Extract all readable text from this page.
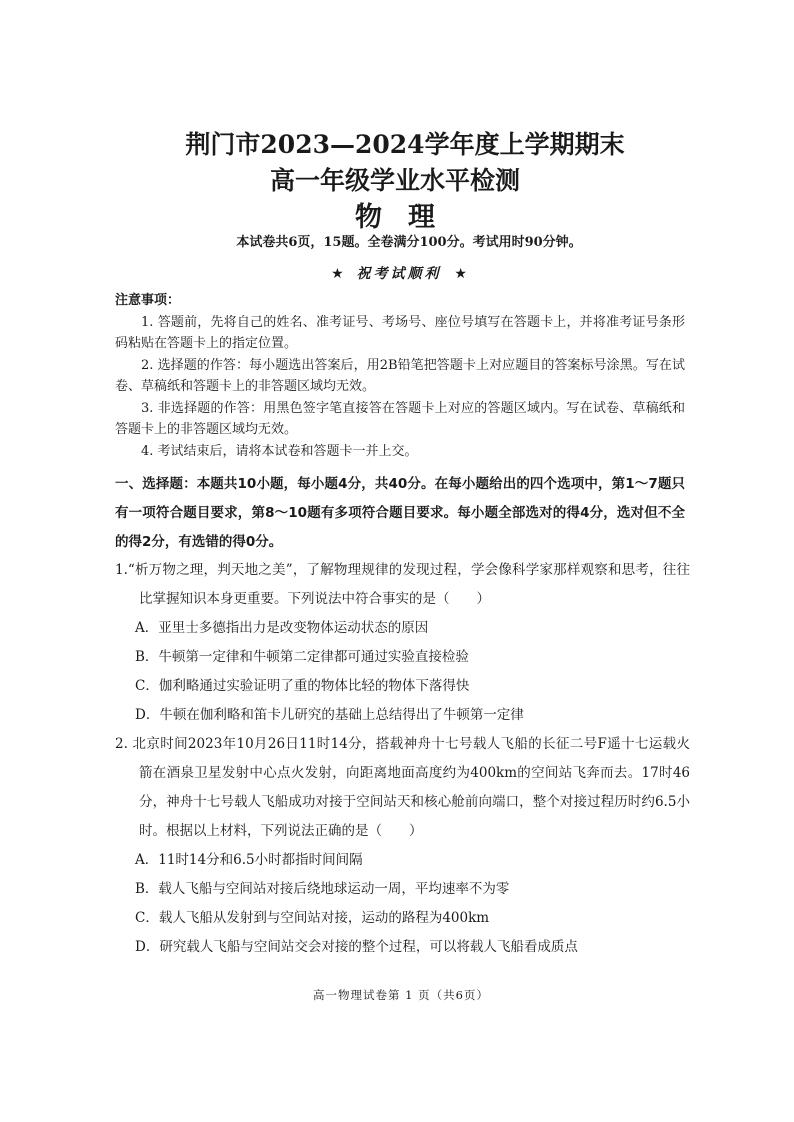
荆门市2023—2024学年度上学期期末
高一年级学业水平检测
物理
本试卷共6页，15题。全卷满分100分。考试用时90分钟。
★ 祝考试顺利 ★
注意事项：

1. 答题前，先将自己的姓名、准考证号、考场号、座位号填写在答题卡上，并将准考证号条形码粘贴在答题卡上的指定位置。

2. 选择题的作答：每小题选出答案后，用2B铅笔把答题卡上对应题目的答案标号涂黑。写在试卷、草稿纸和答题卡上的非答题区域均无效。

3. 非选择题的作答：用黑色签字笔直接答在答题卡上对应的答题区域内。写在试卷、草稿纸和答题卡上的非答题区域均无效。

4. 考试结束后，请将本试卷和答题卡一并上交。

一、选择题：本题共10小题，每小题4分，共40分。在每小题给出的四个选项中，第1～7题只有一项符合题目要求，第8～10题有多项符合题目要求。每小题全部选对的得4分，选对但不全的得2分，有选错的得0分。
1.“析万物之理，判天地之美”，了解物理规律的发现过程，学会像科学家那样观察和思考，往往比掌握知识本身更重要。下列说法中符合事实的是（　　）
A．亚里士多德指出力是改变物体运动状态的原因
B．牛顿第一定律和牛顿第二定律都可通过实验直接检验
C．伽利略通过实验证明了重的物体比轻的物体下落得快
D．牛顿在伽利略和笛卡儿研究的基础上总结得出了牛顿第一定律
2. 北京时间2023年10月26日11时14分，搭载神舟十七号载人飞船的长征二号F遥十七运载火箭在酒泉卫星发射中心点火发射，向距离地面高度约为400km的空间站飞奔而去。17时46分，神舟十七号载人飞船成功对接于空间站天和核心舱前向端口，整个对接过程历时约6.5小时。根据以上材料，下列说法正确的是（　　）
A．11时14分和6.5小时都指时间间隔
B．载人飞船与空间站对接后绕地球运动一周，平均速率不为零
C．载人飞船从发射到与空间站对接，运动的路程为400km
D．研究载人飞船与空间站交会对接的整个过程，可以将载人飞船看成质点
高一物理试卷第 1 页（共6页）
